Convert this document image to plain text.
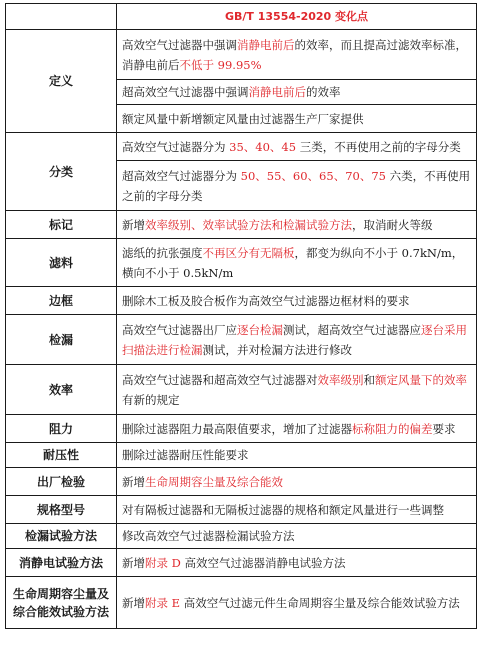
	GB/T 13554-2020 变化点
定义	高效空气过滤器中强调消静电前后的效率，而且提高过滤效率标准，消静电前后不低于 99.95%
	超高效空气过滤器中强调消静电前后的效率
	额定风量中新增额定风量由过滤器生产厂家提供
分类	高效空气过滤器分为 35、40、45 三类，不再使用之前的字母分类
	超高效空气过滤器分为 50、55、60、65、70、75 六类，不再使用之前的字母分类
标记	新增效率级别、效率试验方法和检漏试验方法，取消耐火等级
滤料	滤纸的抗张强度不再区分有无隔板，都变为纵向不小于 0.7kN/m，横向不小于 0.5kN/m
边框	删除木工板及胶合板作为高效空气过滤器边框材料的要求
检漏	高效空气过滤器出厂应逐台检漏测试，超高效空气过滤器应逐台采用扫描法进行检漏测试，并对检漏方法进行修改
效率	高效空气过滤器和超高效空气过滤器对效率级别和额定风量下的效率有新的规定
阻力	删除过滤器阻力最高限值要求，增加了过滤器标称阻力的偏差要求
耐压性	删除过滤器耐压性能要求
出厂检验	新增生命周期容尘量及综合能效
规格型号	对有隔板过滤器和无隔板过滤器的规格和额定风量进行一些调整
检漏试验方法	修改高效空气过滤器检漏试验方法
消静电试验方法	新增附录 D 高效空气过滤器消静电试验方法
生命周期容尘量及综合能效试验方法	新增附录 E 高效空气过滤元件生命周期容尘量及综合能效试验方法
